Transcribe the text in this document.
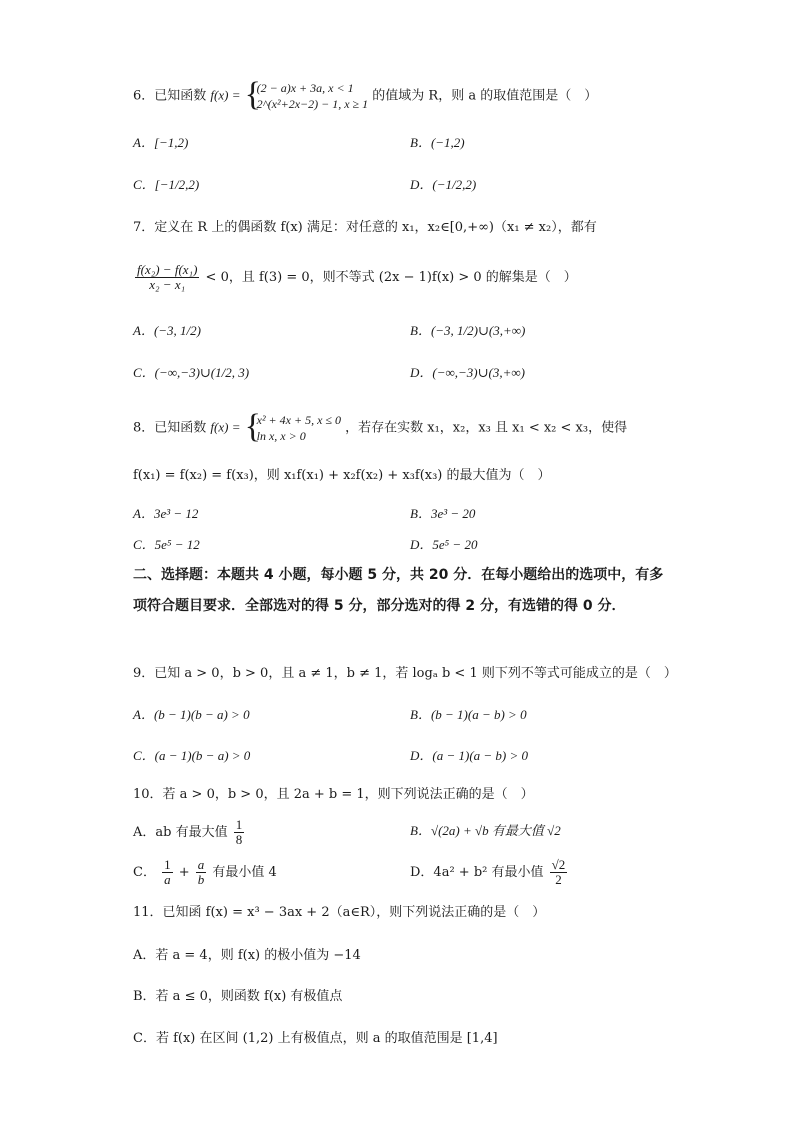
6．已知函数 f(x) = {
(2 − a)x + 3a, x < 1
2^(x²+2x−2) − 1, x ≥ 1
的值域为 R，则 a 的取值范围是（　）
A．[−1,2)	B．(−1,2)
C．[−1/2,2)	D．(−1/2,2)
7．定义在 R 上的偶函数 f(x) 满足：对任意的 x₁，x₂∈[0,+∞)（x₁ ≠ x₂），都有
$\frac{\text{f(x₂) − f(x₁)}}{\text{x₂ − x₁}} < 0$，且 f(3) = 0，则不等式 (2x − 1)f(x) > 0 的解集是（　）
A．(−3, 1/2)	B．(−3, 1/2)∪(3,+∞)
C．(−∞,−3)∪(1/2, 3)	D．(−∞,−3)∪(3,+∞)
8．已知函数 f(x) = {
x² + 4x + 5, x ≤ 0
ln x, x > 0
，若存在实数 x₁，x₂，x₃ 且 x₁ < x₂ < x₃，使得
f(x₁) = f(x₂) = f(x₃)，则 x₁f(x₁) + x₂f(x₂) + x₃f(x₃) 的最大值为（　）
A．3e³ − 12	B．3e³ − 20
C．5e⁵ − 12	D．5e⁵ − 20
二、选择题：本题共 4 小题，每小题 5 分，共 20 分．在每小题给出的选项中，有多项符合题目要求．全部选对的得 5 分，部分选对的得 2 分，有选错的得 0 分．
9．已知 a > 0，b > 0，且 a ≠ 1，b ≠ 1，若 logₐ b < 1 则下列不等式可能成立的是（　）
A．(b − 1)(b − a) > 0	B．(b − 1)(a − b) > 0
C．(a − 1)(b − a) > 0	D．(a − 1)(a − b) > 0
10．若 a > 0，b > 0，且 2a + b = 1，则下列说法正确的是（　）
A．ab 有最大值 $\frac{1}{8}$	B．√(2a) + √b 有最大值 √2
C． $\frac{1}{a} + \frac{a}{b}$ 有最小值 4	D．4a² + b² 有最小值 $\frac{√2}{2}$
11．已知函 f(x) = x³ − 3ax + 2（a∈R），则下列说法正确的是（　）
A．若 a = 4，则 f(x) 的极小值为 −14
B．若 a ≤ 0，则函数 f(x) 有极值点
C．若 f(x) 在区间 (1,2) 上有极值点，则 a 的取值范围是 [1,4]
